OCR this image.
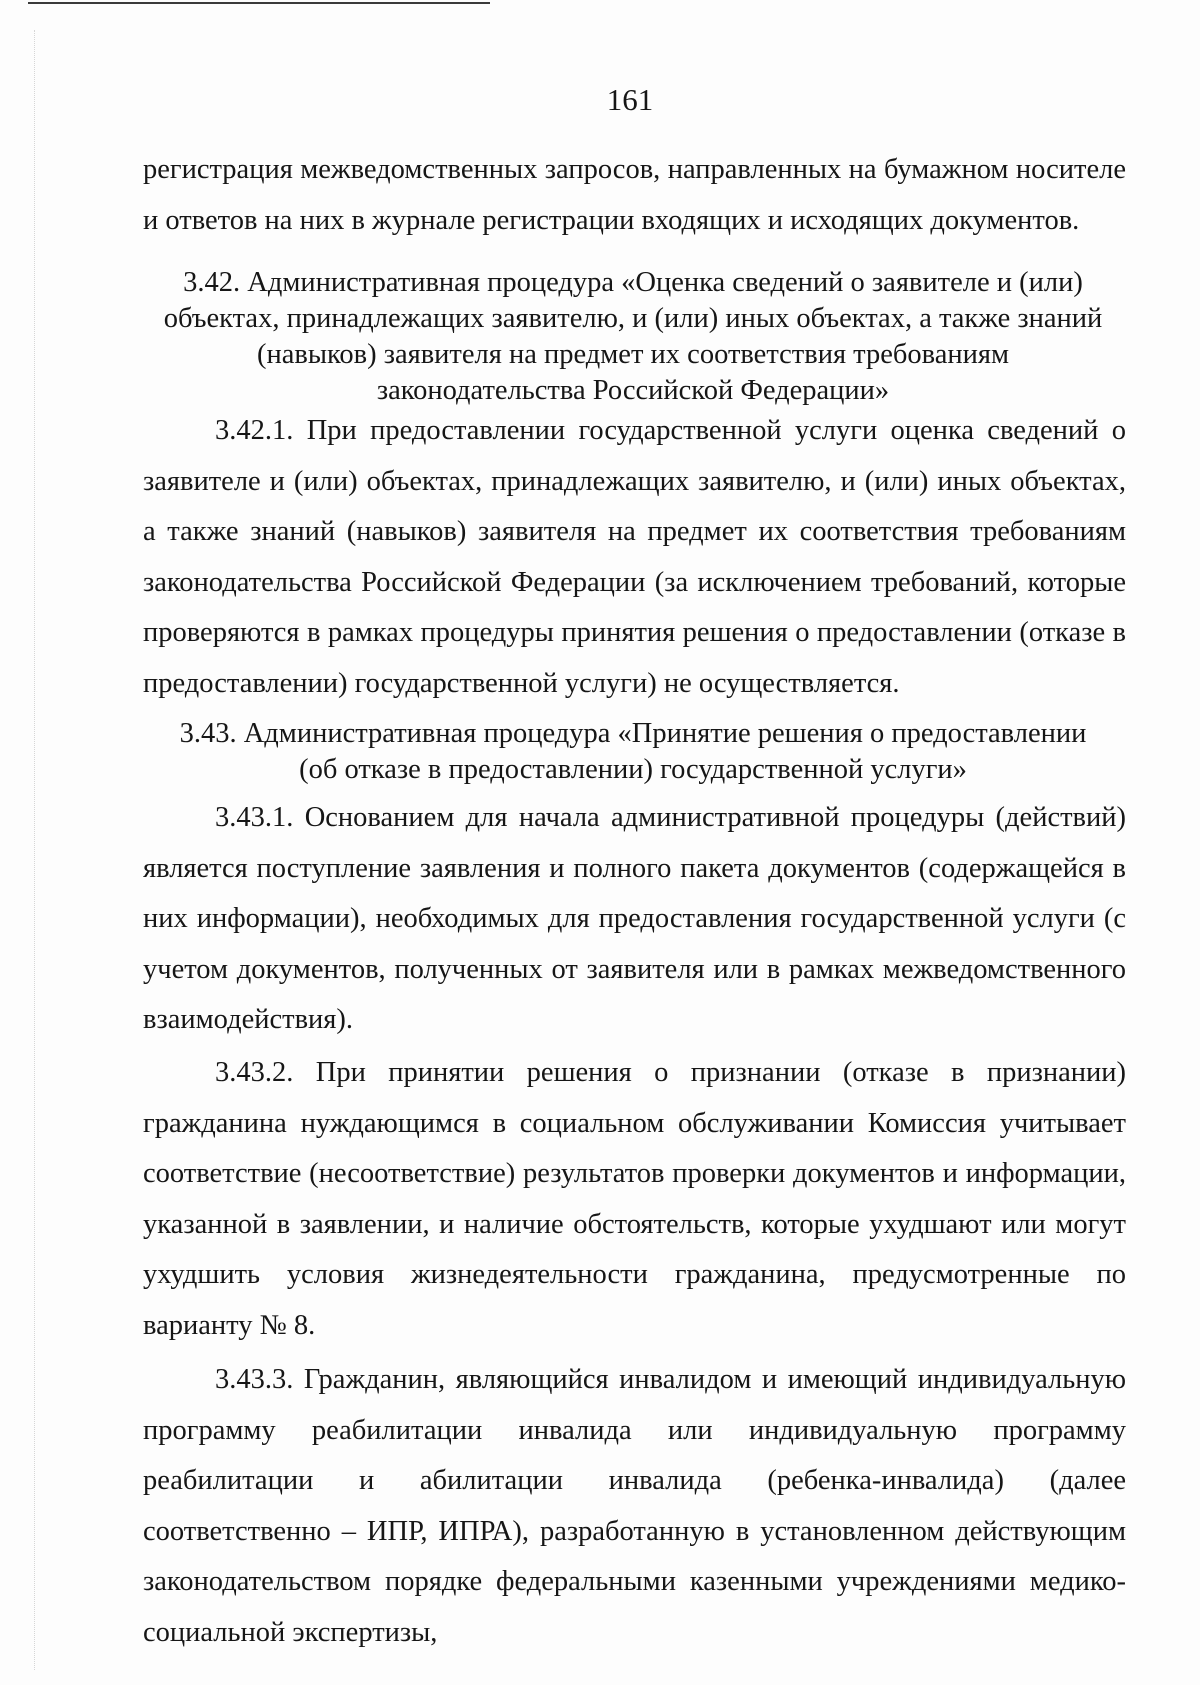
161

регистрация межведомственных запросов, направленных на бумажном носителе и ответов на них в журнале регистрации входящих и исходящих документов.

3.42. Административная процедура «Оценка сведений о заявителе и (или) объектах, принадлежащих заявителю, и (или) иных объектах, а также знаний (навыков) заявителя на предмет их соответствия требованиям законодательства Российской Федерации»

3.42.1. При предоставлении государственной услуги оценка сведений о заявителе и (или) объектах, принадлежащих заявителю, и (или) иных объектах, а также знаний (навыков) заявителя на предмет их соответствия требованиям законодательства Российской Федерации (за исключением требований, которые проверяются в рамках процедуры принятия решения о предоставлении (отказе в предоставлении) государственной услуги) не осуществляется.

3.43. Административная процедура «Принятие решения о предоставлении (об отказе в предоставлении) государственной услуги»

3.43.1. Основанием для начала административной процедуры (действий) является поступление заявления и полного пакета документов (содержащейся в них информации), необходимых для предоставления государственной услуги (с учетом документов, полученных от заявителя или в рамках межведомственного взаимодействия).

3.43.2. При принятии решения о признании (отказе в признании) гражданина нуждающимся в социальном обслуживании Комиссия учитывает соответствие (несоответствие) результатов проверки документов и информации, указанной в заявлении, и наличие обстоятельств, которые ухудшают или могут ухудшить условия жизнедеятельности гражданина, предусмотренные по варианту № 8.

3.43.3. Гражданин, являющийся инвалидом и имеющий индивидуальную программу реабилитации инвалида или индивидуальную программу реабилитации и абилитации инвалида (ребенка-инвалида) (далее соответственно – ИПР, ИПРА), разработанную в установленном действующим законодательством порядке федеральными казенными учреждениями медико-социальной экспертизы,
